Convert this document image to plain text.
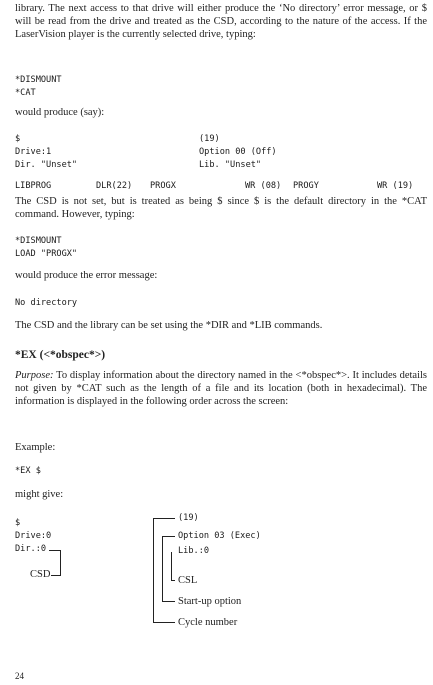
library. The next access to that drive will either produce the ‘No directory’ error message, or $ will be read from the drive and treated as the CSD, according to the nature of the access. If the LaserVision player is the currently selected drive, typing:
*DISMOUNT
*CAT
would produce (say):
$	(19)
Drive:1	Option 00 (Off)
Dir. "Unset"	Lib. "Unset"
LIBPROG	DLR(22) PROGX	WR (08) PROGY	WR (19)
The CSD is not set, but is treated as being $ since $ is the default directory in the *CAT command. However, typing:
*DISMOUNT
LOAD "PROGX"
would produce the error message:
No directory
The CSD and the library can be set using the *DIR and *LIB commands.
*EX (<*obspec*>)
Purpose: To display information about the directory named in the <*obspec*>. It includes details not given by *CAT such as the length of a file and its location (both in hexadecimal). The information is displayed in the following order across the screen:
Example:
*EX $
might give:
$
Drive:0
Dir.:0
CSD
(19)
Option 03 (Exec)
Lib.:0
CSL
Start-up option
Cycle number
24
